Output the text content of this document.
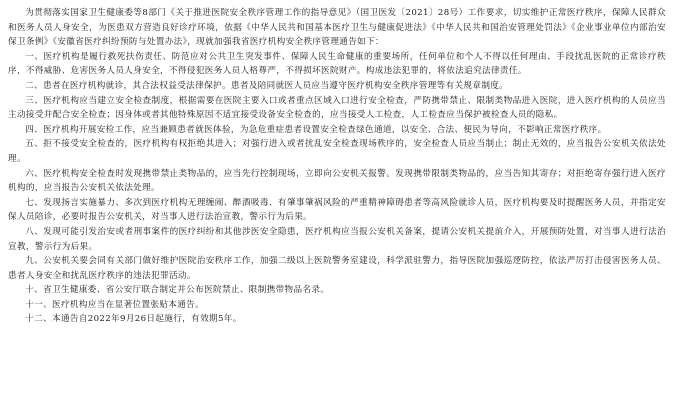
为贯彻落实国家卫生健康委等8部门《关于推进医院安全秩序管理工作的指导意见》（国卫医发〔2021〕28号）工作要求，切实维护正常医疗秩序，保障人民群众和医务人员人身安全，为医患双方营造良好诊疗环境，依据《中华人民共和国基本医疗卫生与健康促进法》《中华人民共和国治安管理处罚法》《企业事业单位内部治安保卫条例》《安徽省医疗纠纷预防与处置办法》，现就加强我省医疗机构安全秩序管理通告如下：

一、医疗机构是履行救死扶伤责任、防范应对公共卫生突发事件、保障人民生命健康的重要场所，任何单位和个人不得以任何理由、手段扰乱医院的正常诊疗秩序，不得威胁、危害医务人员人身安全，不得侵犯医务人员人格尊严，不得损坏医院财产。构成违法犯罪的，将依法追究法律责任。

二、患者在医疗机构就诊，其合法权益受法律保护。患者及陪同就医人员应当遵守医疗机构安全秩序管理等有关规章制度。

三、医疗机构应当建立安全检查制度，根据需要在医院主要入口或者重点区域入口进行安全检查，严防携带禁止、限制类物品进入医院，进入医疗机构的人员应当主动接受并配合安全检查；因身体或者其他特殊原因不适宜接受设备安全检查的，应当接受人工检查，人工检查应当保护被检查人员的隐私。

四、医疗机构开展安检工作，应当兼顾患者就医体验，为急危重症患者设置安全检查绿色通道，以安全、合法、便民为导向，不影响正常医疗秩序。

五、拒不接受安全检查的，医疗机构有权拒绝其进入；对强行进入或者扰乱安全检查现场秩序的，安全检查人员应当制止；制止无效的，应当报告公安机关依法处理。

六、医疗机构安全检查时发现携带禁止类物品的，应当先行控制现场，立即向公安机关报警。发现携带限制类物品的，应当告知其寄存；对拒绝寄存强行进入医疗机构的，应当报告公安机关依法处理。

七、发现扬言实施暴力、多次到医疗机构无理缠闹、醉酒吸毒、有肇事肇祸风险的严重精神障碍患者等高风险就诊人员，医疗机构要及时提醒医务人员，并指定安保人员陪诊，必要时报告公安机关，对当事人进行法治宣教，警示行为后果。

八、发现可能引发治安或者刑事案件的医疗纠纷和其他涉医安全隐患，医疗机构应当报公安机关备案，提请公安机关提前介入，开展预防处置，对当事人进行法治宣教，警示行为后果。

九、公安机关要会同有关部门做好维护医院治安秩序工作，加强二级以上医院警务室建设，科学派驻警力，指导医院加强巡逻防控，依法严厉打击侵害医务人员、患者人身安全和扰乱医疗秩序的违法犯罪活动。

十、省卫生健康委、省公安厅联合制定并公布医院禁止、限制携带物品名录。

十一、医疗机构应当在显著位置张贴本通告。

十二、本通告自2022年9月26日起施行，有效期5年。
